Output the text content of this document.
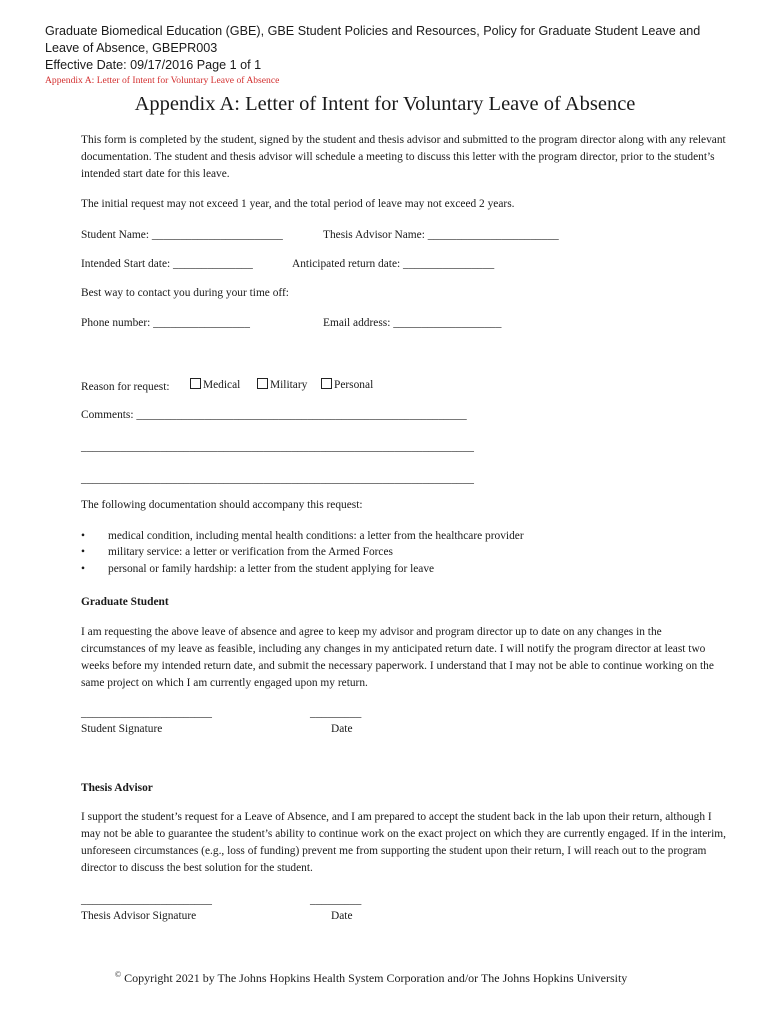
Graduate Biomedical Education (GBE), GBE Student Policies and Resources, Policy for Graduate Student Leave and
Leave of Absence, GBEPR003
Effective Date: 09/17/2016 Page 1 of 1
Appendix A: Letter of Intent for Voluntary Leave of Absence
Appendix A: Letter of Intent for Voluntary Leave of Absence
This form is completed by the student, signed by the student and thesis advisor and submitted to the program director along with any relevant documentation. The student and thesis advisor will schedule a meeting to discuss this letter with the program director, prior to the student’s intended start date for this leave.
The initial request may not exceed 1 year, and the total period of leave may not exceed 2 years.
Student Name: _______________________	Thesis Advisor Name: _______________________
Intended Start date: ______________	Anticipated return date: ________________
Best way to contact you during your time off:
Phone number: _________________	Email address: ___________________
Reason for request:	Medical	Military	Personal
Comments: __________________________________________________________
_____________________________________________________________________
_____________________________________________________________________
The following documentation should accompany this request:
• medical condition, including mental health conditions: a letter from the healthcare provider
• military service: a letter or verification from the Armed Forces
• personal or family hardship: a letter from the student applying for leave
Graduate Student
I am requesting the above leave of absence and agree to keep my advisor and program director up to date on any changes in the circumstances of my leave as feasible, including any changes in my anticipated return date. I will notify the program director at least two weeks before my intended return date, and submit the necessary paperwork. I understand that I may not be able to continue working on the same project on which I am currently engaged upon my return.
_______________________	_________
Student Signature	Date
Thesis Advisor
I support the student’s request for a Leave of Absence, and I am prepared to accept the student back in the lab upon their return, although I may not be able to guarantee the student’s ability to continue work on the exact project on which they are currently engaged. If in the interim, unforeseen circumstances (e.g., loss of funding) prevent me from supporting the student upon their return, I will reach out to the program director to discuss the best solution for the student.
_______________________	_________
Thesis Advisor Signature	Date
© Copyright 2021 by The Johns Hopkins Health System Corporation and/or The Johns Hopkins University
